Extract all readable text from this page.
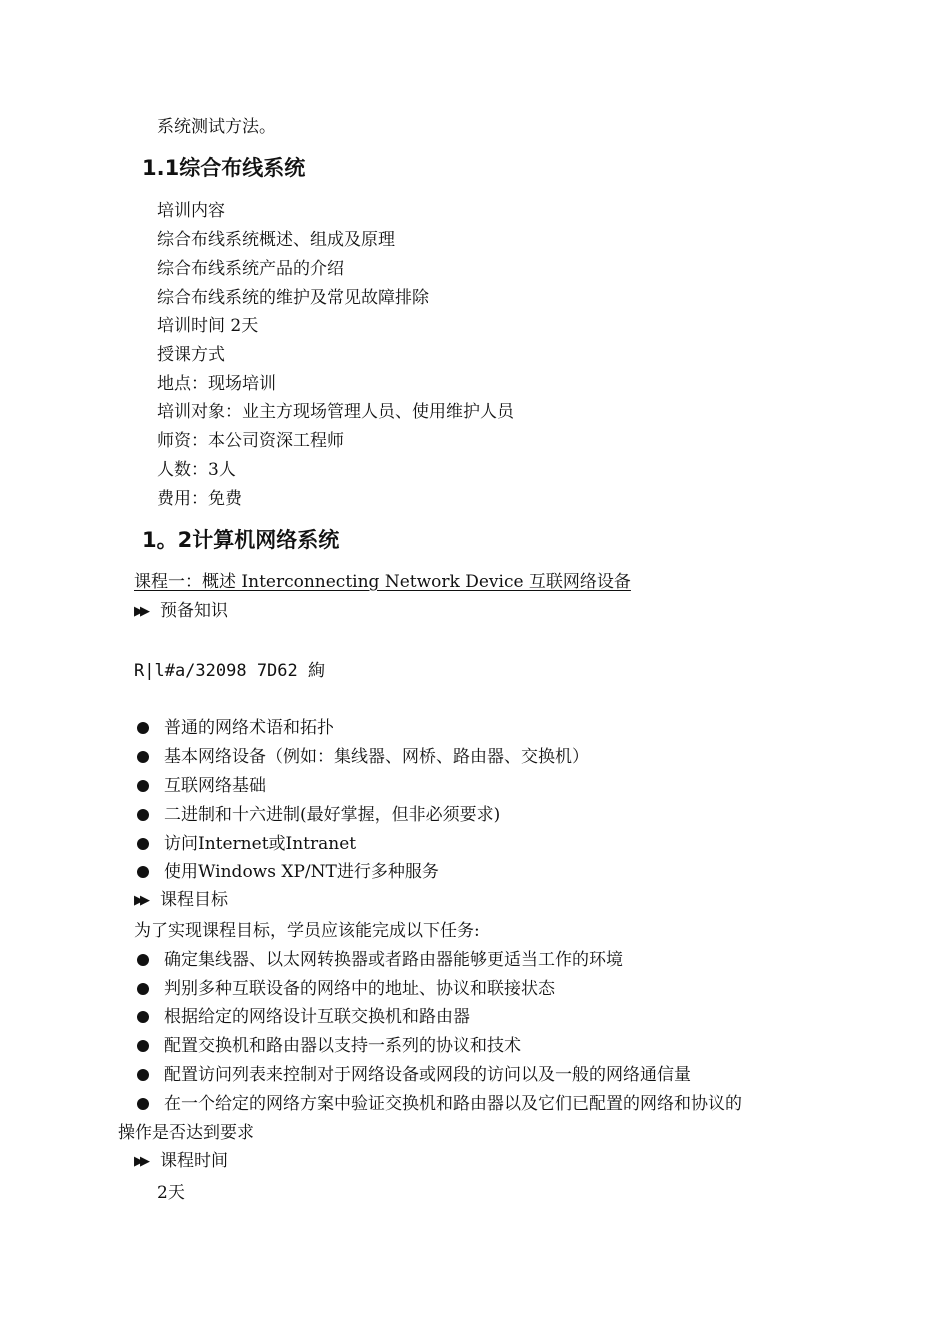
系统测试方法。
1.1综合布线系统
培训内容
综合布线系统概述、组成及原理
综合布线系统产品的介绍
综合布线系统的维护及常见故障排除
培训时间 2天
授课方式
地点：现场培训
培训对象：业主方现场管理人员、使用维护人员
师资：本公司资深工程师
人数：3人
费用：免费
1。2计算机网络系统
课程一：概述 Interconnecting Network Device 互联网络设备
▶▶ 预备知识
R|l#a/32098 7D62 絢
普通的网络术语和拓扑
基本网络设备（例如：集线器、网桥、路由器、交换机）
互联网络基础
二进制和十六进制(最好掌握，但非必须要求)
访问Internet或Intranet
使用Windows XP/NT进行多种服务
▶▶ 课程目标
为了实现课程目标，学员应该能完成以下任务:
确定集线器、以太网转换器或者路由器能够更适当工作的环境
判别多种互联设备的网络中的地址、协议和联接状态
根据给定的网络设计互联交换机和路由器
配置交换机和路由器以支持一系列的协议和技术
配置访问列表来控制对于网络设备或网段的访问以及一般的网络通信量
在一个给定的网络方案中验证交换机和路由器以及它们已配置的网络和协议的
操作是否达到要求
▶▶ 课程时间
2天
